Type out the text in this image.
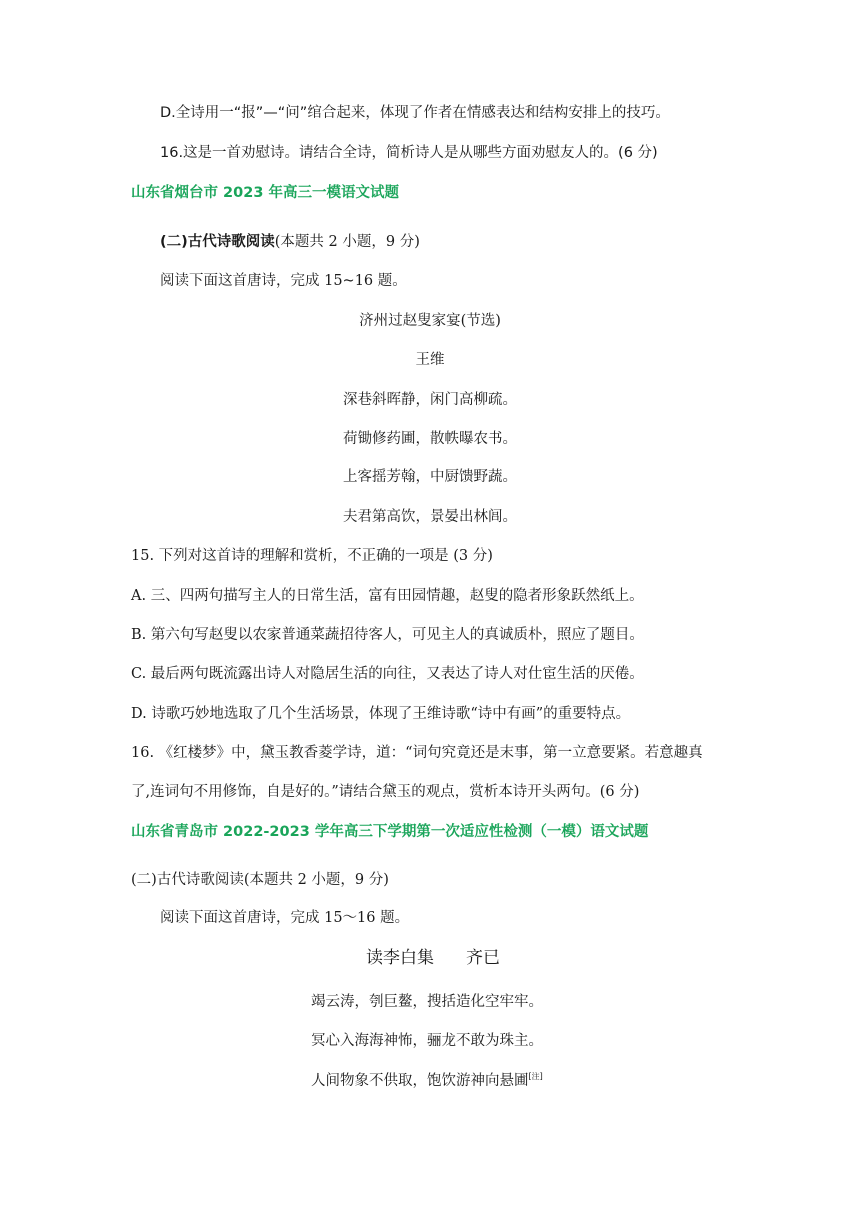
D.全诗用一“报”—“问”绾合起来，体现了作者在情感表达和结构安排上的技巧。
16.这是一首劝慰诗。请结合全诗，简析诗人是从哪些方面劝慰友人的。(6 分)
山东省烟台市 2023 年高三一模语文试题
(二)古代诗歌阅读(本题共 2 小题，9 分)
阅读下面这首唐诗，完成 15~16 题。
济州过赵叟家宴(节选)
王维
深巷斜晖静，闲门高柳疏。
荷锄修药圃，散帙曝农书。
上客摇芳翰，中厨馈野蔬。
夫君第高饮，景晏出林闾。
15. 下列对这首诗的理解和赏析，不正确的一项是 (3 分)
A. 三、四两句描写主人的日常生活，富有田园情趣，赵叟的隐者形象跃然纸上。
B. 第六句写赵叟以农家普通菜蔬招待客人，可见主人的真诚质朴，照应了题目。
C. 最后两句既流露出诗人对隐居生活的向往，又表达了诗人对仕宦生活的厌倦。
D. 诗歌巧妙地选取了几个生活场景，体现了王维诗歌“诗中有画”的重要特点。
16. 《红楼梦》中，黛玉教香菱学诗，道：“词句究竟还是末事，第一立意要紧。若意趣真
了,连词句不用修饰，自是好的。”请结合黛玉的观点，赏析本诗开头两句。(6 分)
山东省青岛市 2022-2023 学年高三下学期第一次适应性检测（一模）语文试题
(二)古代诗歌阅读(本题共 2 小题，9 分)
阅读下面这首唐诗，完成 15～16 题。
读李白集 齐已
竭云涛，刳巨鳌，搜括造化空牢牢。
冥心入海海神怖，骊龙不敢为珠主。
人间物象不供取，饱饮游神向悬圃[注]
